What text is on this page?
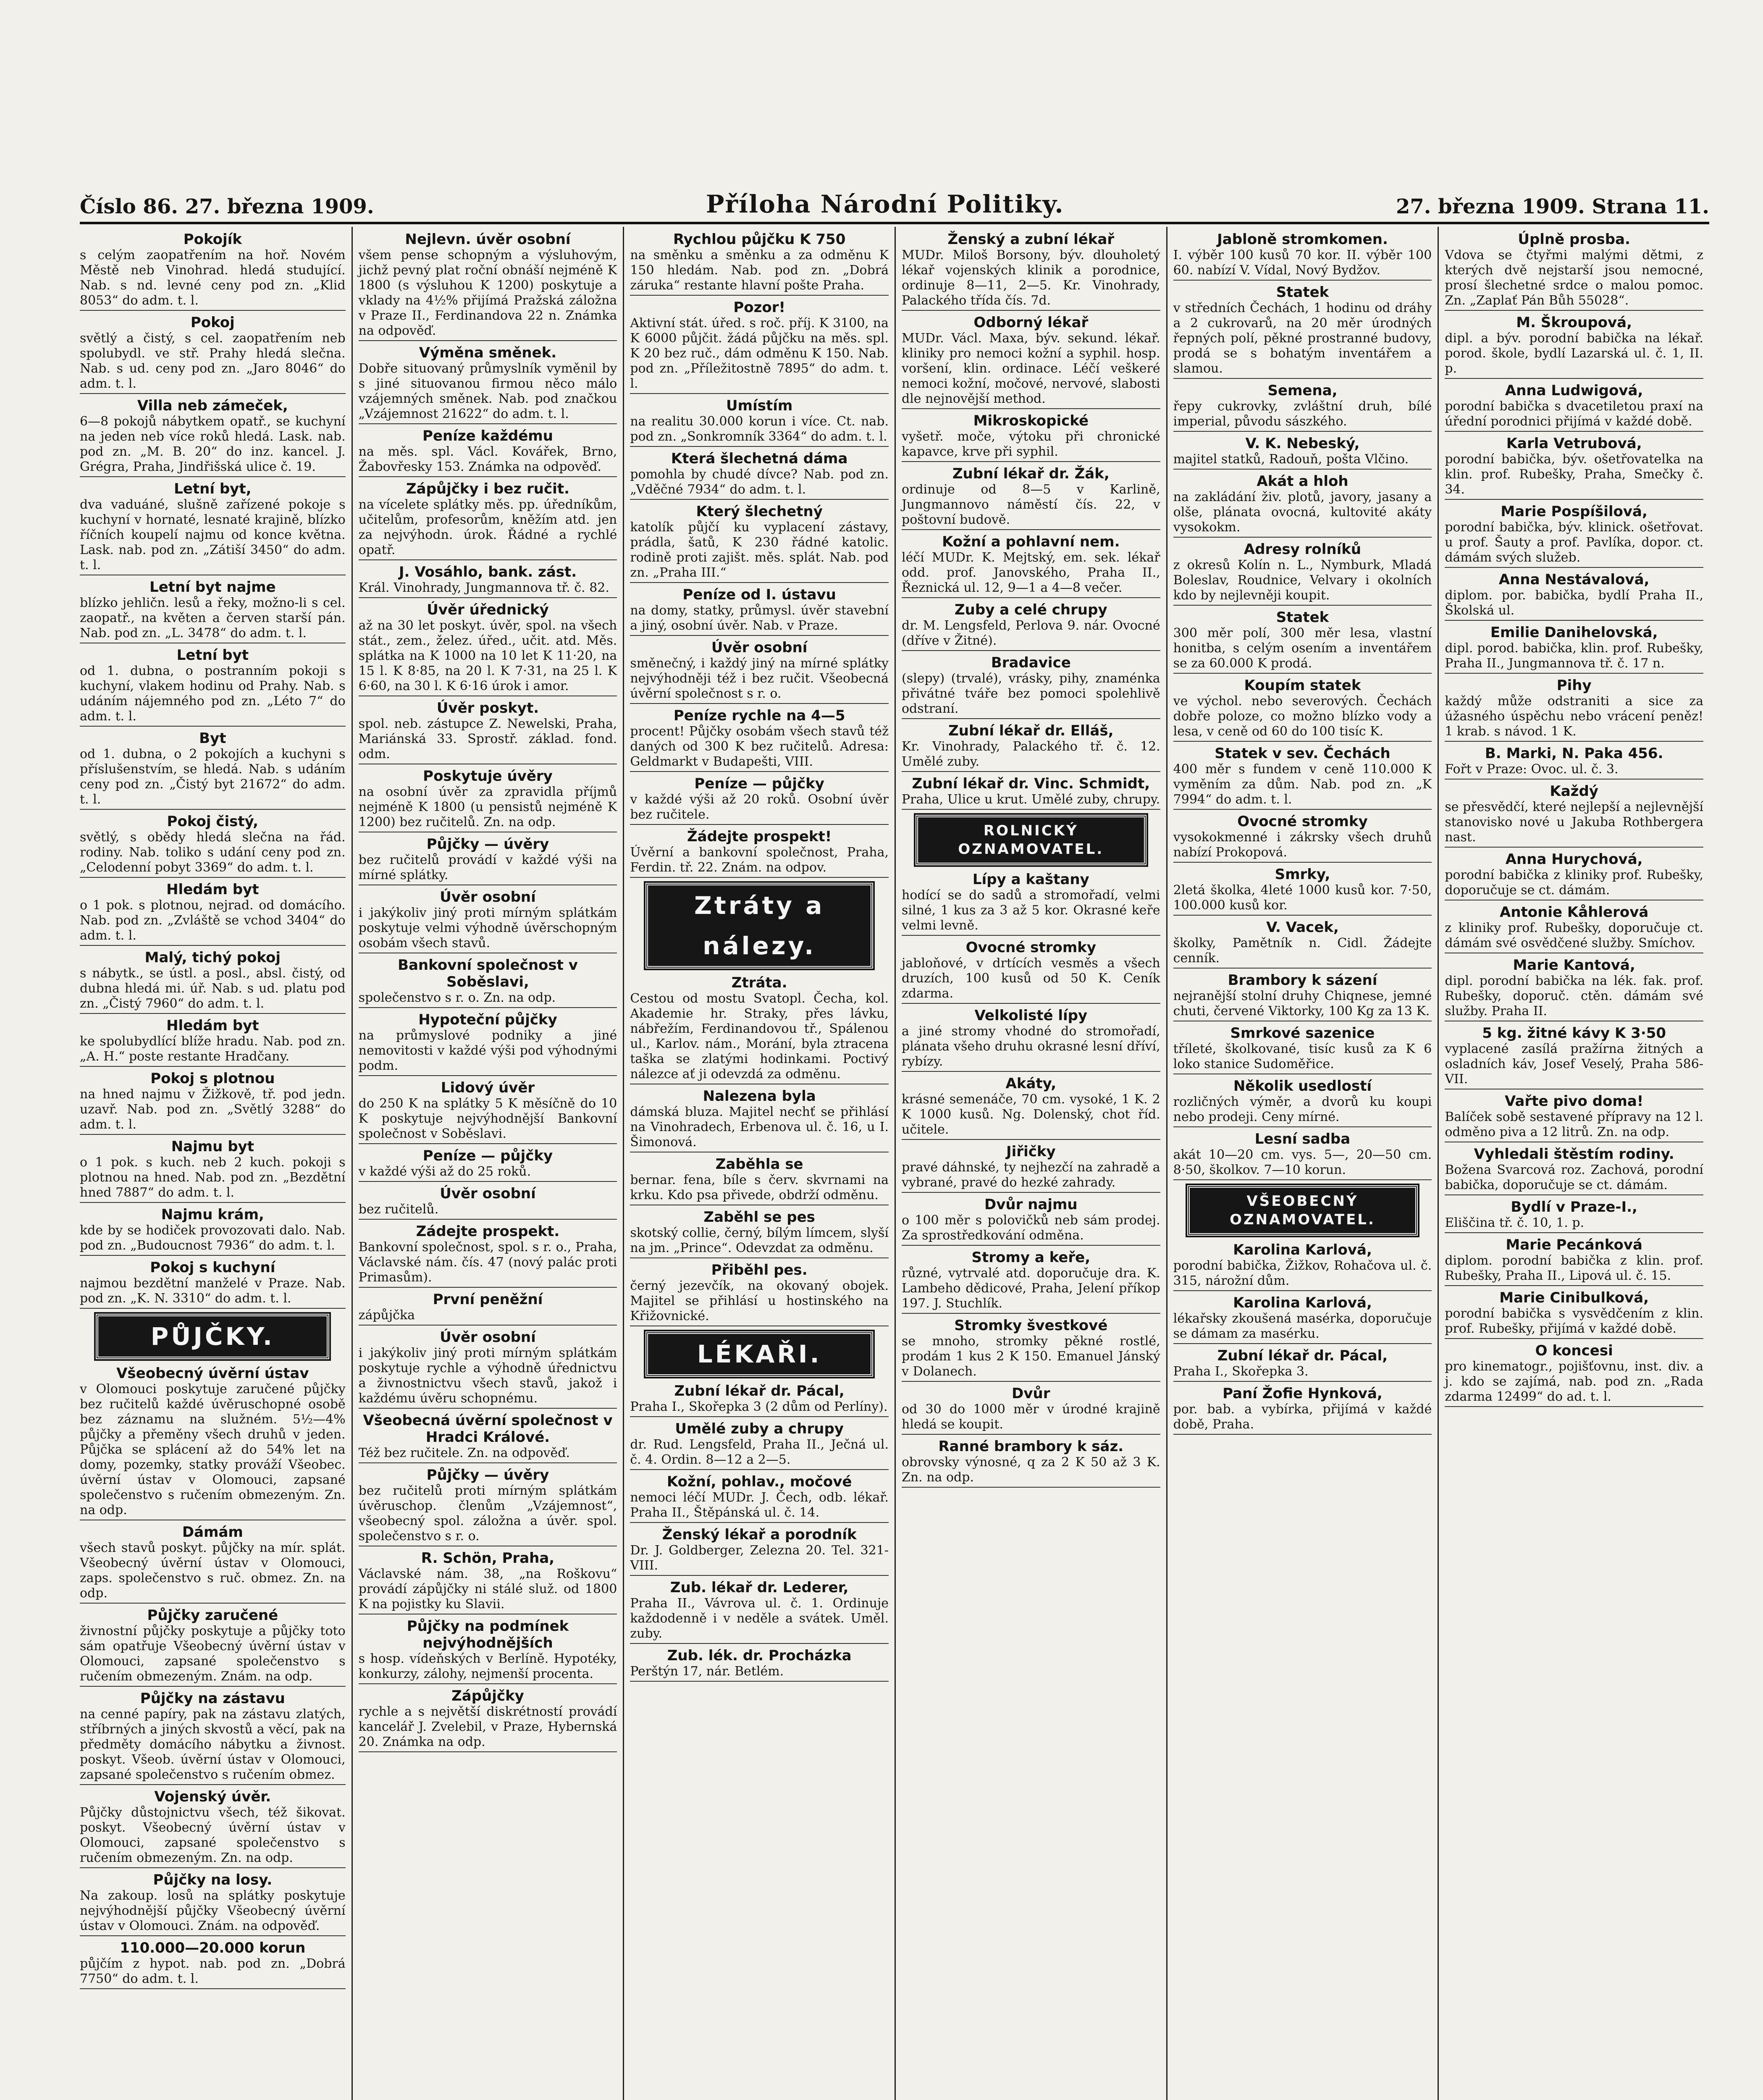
Číslo 86. 27. března 1909.	Příloha Národní Politiky.	27. března 1909. Strana 11.
Pokojík

s celým zaopatřením na hoř. Novém Městě neb Vinohrad. hledá studující. Nab. s nd. levné ceny pod zn. „Klid 8053“ do adm. t. l.

Pokoj

světlý a čistý, s cel. zaopatřením neb spolubydl. ve stř. Prahy hledá slečna. Nab. s ud. ceny pod zn. „Jaro 8046“ do adm. t. l.

Villa neb zámeček,

6—8 pokojů nábytkem opatř., se kuchyní na jeden neb více roků hledá. Lask. nab. pod zn. „M. B. 20“ do inz. kancel. J. Grégra, Praha, Jindřišská ulice č. 19.

Letní byt,

dva vaduáné, slušně zařízené pokoje s kuchyní v hornaté, lesnaté krajině, blízko říčních koupelí najmu od konce května. Lask. nab. pod zn. „Zátiší 3450“ do adm. t. l.

Letní byt najme

blízko jehličn. lesů a řeky, možno-li s cel. zaopatř., na květen a červen starší pán. Nab. pod zn. „L. 3478“ do adm. t. l.

Letní byt

od 1. dubna, o postranním pokoji s kuchyní, vlakem hodinu od Prahy. Nab. s udáním nájemného pod zn. „Léto 7“ do adm. t. l.

Byt

od 1. dubna, o 2 pokojích a kuchyni s příslušenstvím, se hledá. Nab. s udáním ceny pod zn. „Čistý byt 21672“ do adm. t. l.

Pokoj čistý,

světlý, s obědy hledá slečna na řád. rodiny. Nab. toliko s udání ceny pod zn. „Celodenní pobyt 3369“ do adm. t. l.

Hledám byt

o 1 pok. s plotnou, nejrad. od domácího. Nab. pod zn. „Zvláště se vchod 3404“ do adm. t. l.

Malý, tichý pokoj

s nábytk., se ústl. a posl., absl. čistý, od dubna hledá mi. úř. Nab. s ud. platu pod zn. „Čistý 7960“ do adm. t. l.

Hledám byt

ke spolubydlící blíže hradu. Nab. pod zn. „A. H.“ poste restante Hradčany.

Pokoj s plotnou

na hned najmu v Žižkově, tř. pod jedn. uzavř. Nab. pod zn. „Světlý 3288“ do adm. t. l.

Najmu byt

o 1 pok. s kuch. neb 2 kuch. pokoji s plotnou na hned. Nab. pod zn. „Bezdětní hned 7887“ do adm. t. l.

Najmu krám,

kde by se hodiček provozovati dalo. Nab. pod zn. „Budoucnost 7936“ do adm. t. l.

Pokoj s kuchyní

najmou bezdětní manželé v Praze. Nab. pod zn. „K. N. 3310“ do adm. t. l.

PŮJČKY.
Všeobecný úvěrní ústav

v Olomouci poskytuje zaručené půjčky bez ručitelů každé úvěruschopné osobě bez záznamu na služném. 5½—4% půjčky a přeměny všech druhů v jeden. Půjčka se splácení až do 54% let na domy, pozemky, statky prováží Všeobec. úvěrní ústav v Olomouci, zapsané společenstvo s ručením obmezeným. Zn. na odp.

Dámám

všech stavů poskyt. půjčky na mír. splát. Všeobecný úvěrní ústav v Olomouci, zaps. společenstvo s ruč. obmez. Zn. na odp.

Půjčky zaručené

živnostní půjčky poskytuje a půjčky toto sám opatřuje Všeobecný úvěrní ústav v Olomouci, zapsané společenstvo s ručením obmezeným. Znám. na odp.

Půjčky na zástavu

na cenné papíry, pak na zástavu zlatých, stříbrných a jiných skvostů a věcí, pak na předměty domácího nábytku a živnost. poskyt. Všeob. úvěrní ústav v Olomouci, zapsané společenstvo s ručením obmez.

Vojenský úvěr.

Půjčky důstojnictvu všech, též šikovat. poskyt. Všeobecný úvěrní ústav v Olomouci, zapsané společenstvo s ručením obmezeným. Zn. na odp.

Půjčky na losy.

Na zakoup. losů na splátky poskytuje nejvýhodnější půjčky Všeobecný úvěrní ústav v Olomouci. Znám. na odpověď.

110.000—20.000 korun

půjčím z hypot. nab. pod zn. „Dobrá 7750“ do adm. t. l.

Nejlevn. úvěr osobní

všem pense schopným a výsluhovým, jichž pevný plat roční obnáší nejméně K 1800 (s výsluhou K 1200) poskytuje a vklady na 4½% přijímá Pražská záložna v Praze II., Ferdinandova 22 n. Známka na odpověď.

Výměna směnek.

Dobře situovaný průmyslník vyměnil by s jiné situovanou firmou něco málo vzájemných směnek. Nab. pod značkou „Vzájemnost 21622“ do adm. t. l.

Peníze každému

na měs. spl. Václ. Kovářek, Brno, Žabovřesky 153. Známka na odpověď.

Zápůjčky i bez ručit.

na vícelete splátky měs. pp. úředníkům, učitelům, profesorům, kněžím atd. jen za nejvýhodn. úrok. Řádné a rychlé opatř.

J. Vosáhlo, bank. zást.

Král. Vinohrady, Jungmannova tř. č. 82.

Úvěr úřednický

až na 30 let poskyt. úvěr, spol. na všech stát., zem., želez. úřed., učit. atd. Měs. splátka na K 1000 na 10 let K 11·20, na 15 l. K 8·85, na 20 l. K 7·31, na 25 l. K 6·60, na 30 l. K 6·16 úrok i amor.

Úvěr poskyt.

spol. neb. zástupce Z. Newelski, Praha, Mariánská 33. Sprostř. základ. fond. odm.

Poskytuje úvěry

na osobní úvěr za zpravidla příjmů nejméně K 1800 (u pensistů nejméně K 1200) bez ručitelů. Zn. na odp.

Půjčky — úvěry

bez ručitelů provádí v každé výši na mírné splátky.

Úvěr osobní

i jakýkoliv jiný proti mírným splátkám poskytuje velmi výhodně úvěrschopným osobám všech stavů.

Bankovní společnost v Soběslavi,

společenstvo s r. o. Zn. na odp.

Hypoteční půjčky

na průmyslové podniky a jiné nemovitosti v každé výši pod výhodnými podm.

Lidový úvěr

do 250 K na splátky 5 K měsíčně do 10 K poskytuje nejvýhodnější Bankovní společnost v Soběslavi.

Peníze — půjčky

v každé výši až do 25 roků.

Úvěr osobní

bez ručitelů.

Zádejte prospekt.

Bankovní společnost, spol. s r. o., Praha, Václavské nám. čís. 47 (nový palác proti Primasům).

První peněžní

zápůjčka

Úvěr osobní

i jakýkoliv jiný proti mírným splátkám poskytuje rychle a výhodně úřednictvu a živnostnictvu všech stavů, jakož i každému úvěru schopnému.

Všeobecná úvěrní společnost v Hradci Králové.

Též bez ručitele. Zn. na odpověď.

Půjčky — úvěry

bez ručitelů proti mírným splátkám úvěruschop. členům „Vzájemnost“, všeobecný spol. záložna a úvěr. spol. společenstvo s r. o.

R. Schön, Praha,

Václavské nám. 38, „na Roškovu“ provádí zápůjčky ni stálé služ. od 1800 K na pojistky ku Slavii.

Půjčky na podmínek nejvýhodnějších

s hosp. vídeňských v Berlíně. Hypotéky, konkurzy, zálohy, nejmenší procenta.

Zápůjčky

rychle a s největší diskrétností provádí kancelář J. Zvelebil, v Praze, Hybernská 20. Známka na odp.

Rychlou půjčku K 750

na směnku a směnku a za odměnu K 150 hledám. Nab. pod zn. „Dobrá záruka“ restante hlavní pošte Praha.

Pozor!

Aktivní stát. úřed. s roč. příj. K 3100, na K 6000 půjčit. žádá půjčku na měs. spl. K 20 bez ruč., dám odměnu K 150. Nab. pod zn. „Příležitostně 7895“ do adm. t. l.

Umístím

na realitu 30.000 korun i více. Ct. nab. pod zn. „Sonkromník 3364“ do adm. t. l.

Která šlechetná dáma

pomohla by chudé dívce? Nab. pod zn. „Vděčné 7934“ do adm. t. l.

Který šlechetný

katolík půjčí ku vyplacení zástavy, prádla, šatů, K 230 řádné katolic. rodině proti zajišt. měs. splát. Nab. pod zn. „Praha III.“

Peníze od I. ústavu

na domy, statky, průmysl. úvěr stavební a jiný, osobní úvěr. Nab. v Praze.

Úvěr osobní

směnečný, i každý jiný na mírné splátky nejvýhodněji též i bez ručit. Všeobecná úvěrní společnost s r. o.

Peníze rychle na 4—5

procent! Půjčky osobám všech stavů též daných od 300 K bez ručitelů. Adresa: Geldmarkt v Budapešti, VIII.

Peníze — půjčky

v každé výši až 20 roků. Osobní úvěr bez ručitele.

Žádejte prospekt!

Úvěrní a bankovní společnost, Praha, Ferdin. tř. 22. Znám. na odpov.

Ztráty a nálezy.
Ztráta.

Cestou od mostu Svatopl. Čecha, kol. Akademie hr. Straky, přes lávku, nábřežím, Ferdinandovou tř., Spálenou ul., Karlov. nám., Morání, byla ztracena taška se zlatými hodinkami. Poctivý nálezce ať ji odevzdá za odměnu.

Nalezena byla

dámská bluza. Majitel nechť se přihlásí na Vinohradech, Erbenova ul. č. 16, u I. Šimonová.

Zaběhla se

bernar. fena, bíle s červ. skvrnami na krku. Kdo psa přivede, obdrží odměnu.

Zaběhl se pes

skotský collie, černý, bílým límcem, slyší na jm. „Prince“. Odevzdat za odměnu.

Přiběhl pes.

černý jezevčík, na okovaný obojek. Majitel se přihlásí u hostinského na Křižovnické.

LÉKAŘI.
Zubní lékař dr. Pácal,

Praha I., Skořepka 3 (2 dům od Perlíny).

Umělé zuby a chrupy

dr. Rud. Lengsfeld, Praha II., Ječná ul. č. 4. Ordin. 8—12 a 2—5.

Kožní, pohlav., močové

nemoci léčí MUDr. J. Čech, odb. lékař. Praha II., Štěpánská ul. č. 14.

Ženský lékař a porodník

Dr. J. Goldberger, Zeleznа 20. Tel. 321-VIII.

Zub. lékař dr. Lederer,

Praha II., Vávrova ul. č. 1. Ordinuje každodenně i v neděle a svátek. Uměl. zuby.

Zub. lék. dr. Procházka

Perštýn 17, nár. Betlém.

Ženský a zubní lékař

MUDr. Miloš Borsony, býv. dlouholetý lékař vojenských klinik a porodnice, ordinuje 8—11, 2—5. Kr. Vinohrady, Palackého třída čís. 7d.

Odborný lékař

MUDr. Václ. Maxa, býv. sekund. lékař. kliniky pro nemoci kožní a syphil. hosp. voršení, klin. ordinace. Léčí veškeré nemoci kožní, močové, nervové, slabosti dle nejnovější method.

Mikroskopické

vyšetř. moče, výtoku při chronické kapavce, krve při syphil.

Zubní lékař dr. Žák,

ordinuje od 8—5 v Karlině, Jungmannovo náměstí čís. 22, v poštovní budově.

Kožní a pohlavní nem.

léčí MUDr. K. Mejtský, em. sek. lékař odd. prof. Janovského, Praha II., Řeznická ul. 12, 9—1 a 4—8 večer.

Zuby a celé chrupy

dr. M. Lengsfeld, Perlova 9. nár. Ovocné (dříve v Žitné).

Bradavice

(slepy) (trvalé), vrásky, pihy, znaménka přivátné tváře bez pomoci spolehlivě odstraní.

Zubní lékař dr. Elláš,

Kr. Vinohrady, Palackého tř. č. 12. Umělé zuby.

Zubní lékař dr. Vinc. Schmidt,

Praha, Ulice u krut. Umělé zuby, chrupy.

ROLNICKÝ
OZNAMOVATEL.
Lípy a kaštany

hodící se do sadů a stromořadí, velmi silné, 1 kus za 3 až 5 kor. Okrasné keře velmi levně.

Ovocné stromky

jabloňové, v drtících vesměs a všech druzích, 100 kusů od 50 K. Ceník zdarma.

Velkolisté lípy

a jiné stromy vhodné do stromořadí, plánata všeho druhu okrasné lesní dříví, rybízy.

Akáty,

krásné semenáče, 70 cm. vysoké, 1 K. 2 K 1000 kusů. Ng. Dolenský, chot říd. učitele.

Jiřičky

pravé dáhnské, ty nejhezčí na zahradě a vybrané, pravé do hezké zahrady.

Dvůr najmu

o 100 měr s polovičků neb sám prodej. Za sprostředkování odměna.

Stromy a keře,

různé, vytrvalé atd. doporučuje dra. K. Lambeho dědicové, Praha, Jelení příkop 197. J. Stuchlík.

Stromky švestkové

se mnoho, stromky pěkné rostlé, prodám 1 kus 2 K 150. Emanuel Jánský v Dolanech.

Dvůr

od 30 do 1000 měr v úrodné krajině hledá se koupit.

Ranné brambory k sáz.

obrovsky výnosné, q za 2 K 50 až 3 K. Zn. na odp.

Jabloně stromkomen.

I. výběr 100 kusů 70 kor. II. výběr 100 60. nabízí V. Vídal, Nový Bydžov.

Statek

v středních Čechách, 1 hodinu od dráhy a 2 cukrovarů, na 20 měr úrodných řepných polí, pěkné prostranné budovy, prodá se s bohatým inventářem a slamou.

Semena,

řepy cukrovky, zvláštní druh, bílé imperial, původu sászkého.

V. K. Nebeský,

majitel statků, Radouň, pošta Vlčino.

Akát a hloh

na zakládání živ. plotů, javory, jasany a olše, plánata ovocná, kultovité akáty vysokokm.

Adresy rolníků

z okresů Kolín n. L., Nymburk, Mladá Boleslav, Roudnice, Velvary i okolních kdo by nejlevněji koupit.

Statek

300 měr polí, 300 měr lesa, vlastní honitba, s celým osením a inventářem se za 60.000 K prodá.

Koupím statek

ve výchol. nebo severových. Čechách dobře poloze, co možno blízko vody a lesa, v ceně od 60 do 100 tisíc K.

Statek v sev. Čechách

400 měr s fundem v ceně 110.000 K vyměním za dům. Nab. pod zn. „K 7994“ do adm. t. l.

Ovocné stromky

vysokokmenné i zákrsky všech druhů nabízí Prokopová.

Smrky,

2letá školka, 4leté 1000 kusů kor. 7·50, 100.000 kusů kor.

V. Vacek,

školky, Pamětník n. Cidl. Žádejte cenník.

Brambory k sázení

nejranější stolní druhy Chiqnese, jemné chuti, červené Viktorky, 100 Kg za 13 K.

Smrkové sazenice

tříleté, školkované, tisíc kusů za K 6 loko stanice Sudoměřice.

Několik usedlostí

rozličných výměr, a dvorů ku koupi nebo prodeji. Ceny mírné.

Lesní sadba

akát 10—20 cm. vys. 5—, 20—50 cm. 8·50, školkov. 7—10 korun.

VŠEOBECNÝ
OZNAMOVATEL.
Karolina Karlová,

porodní babička, Žižkov, Rohačova ul. č. 315, nárožní dům.

Karolina Karlová,

lékařsky zkoušená masérka, doporučuje se dámam za masérku.

Zubní lékař dr. Pácal,

Praha I., Skořepka 3.

Paní Žofie Hynková,

por. bab. a vybírka, přijímá v každé době, Praha.

Úplně prosba.

Vdova se čtyřmi malými dětmi, z kterých dvě nejstarší jsou nemocné, prosí šlechetné srdce o malou pomoc. Zn. „Zaplať Pán Bůh 55028“.

M. Škroupová,

dipl. a býv. porodní babička na lékař. porod. škole, bydlí Lazarská ul. č. 1, II. p.

Anna Ludwigová,

porodní babička s dvacetiletou praxí na úřední porodnici přijímá v každé době.

Karla Vetrubová,

porodní babička, býv. ošetřovatelka na klin. prof. Rubešky, Praha, Smečky č. 34.

Marie Pospíšilová,

porodní babička, býv. klinick. ošetřovat. u prof. Šauty a prof. Pavlíka, dopor. ct. dámám svých služeb.

Anna Nestávalová,

diplom. por. babička, bydlí Praha II., Školská ul.

Emilie Danihelovská,

dipl. porod. babička, klin. prof. Rubešky, Praha II., Jungmannova tř. č. 17 n.

Pihy

každý může odstraniti a sice za úžasného úspěchu nebo vrácení peněz! 1 krab. s návod. 1 K.

B. Marki, N. Paka 456.

Fořt v Praze: Ovoc. ul. č. 3.

Každý

se přesvědčí, které nejlepší a nejlevnější stanovisko nové u Jakuba Rothbergera nast.

Anna Hurychová,

porodní babička z kliniky prof. Rubešky, doporučuje se ct. dámám.

Antonie Kåhlerová

z kliniky prof. Rubešky, doporučuje ct. dámám své osvědčené služby. Smíchov.

Marie Kantová,

dipl. porodní babička na lék. fak. prof. Rubešky, doporuč. ctěn. dámám své služby. Praha II.

5 kg. žitné kávy K 3·50

vyplacené zasílá pražírna žitných a osladních káv, Josef Veselý, Praha 586-VII.

Vařte pivo doma!

Balíček sobě sestavené přípravy na 12 l. odměno piva a 12 litrů. Zn. na odp.

Vyhledali štěstím rodiny.

Božena Svarcová roz. Zachová, porodní babička, doporučuje se ct. dámám.

Bydlí v Praze-I.,

Eliščina tř. č. 10, 1. p.

Marie Pecánková

diplom. porodní babička z klin. prof. Rubešky, Praha II., Lipová ul. č. 15.

Marie Cinibulková,

porodní babička s vysvědčením z klin. prof. Rubešky, přijímá v každé době.

O koncesi

pro kinematogr., pojišťovnu, inst. div. a j. kdo se zajímá, nab. pod zn. „Rada zdarma 12499“ do ad. t. l.
